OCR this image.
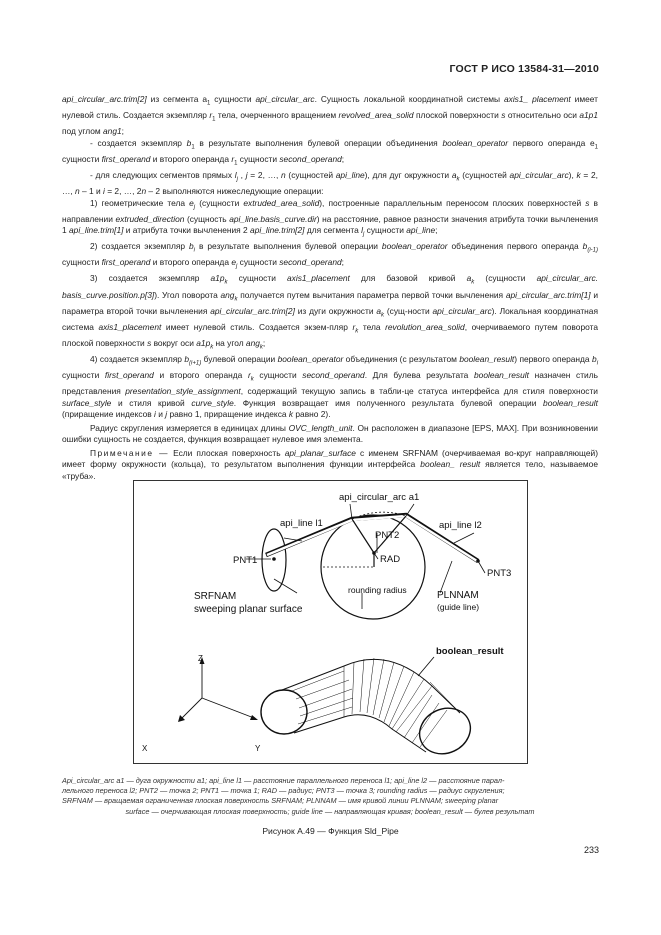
ГОСТ Р ИСО 13584-31—2010

api_circular_arc.trim[2] из сегмента $a_1$ сущности api_circular_arc. Сущность локальной координатной системы axis1_ placement имеет нулевой стиль. Создается экземпляр $r_1$ тела, очерченного вращением revolved_area_solid плоской поверхности s относительно оси a1p1 под углом ang1;

- создается экземпляр $b_1$ в результате выполнения булевой операции объединения boolean_operator первого операнда $e_1$ сущности first_operand и второго операнда $r_1$ сущности second_operand;

- для следующих сегментов прямых $l_j$ , j = 2, …, n (сущностей api_line), для дуг окружности $a_k$ (сущностей api_circular_arc), k = 2, …, n – 1 и i = 2, …, 2n – 2 выполняются нижеследующие операции:

1) геометрические тела $e_j$ (сущности extruded_area_solid), построенные параллельным переносом плоских поверхностей s в направлении extruded_direction (сущность api_line.basis_curve.dir) на расстояние, равное разности значения атрибута точки вычленения 1 api_line.trim[1] и атрибута точки вычленения 2 api_line.trim[2] для сегмента $l_j$ сущности api_line;

2) создается экземпляр $b_i$ в результате выполнения булевой операции boolean_operator объединения первого операнда $b_{(i-1)}$ сущности first_operand и второго операнда $e_j$ сущности second_operand;

3) создается экземпляр $a1p_k$ сущности axis1_placement для базовой кривой $a_k$ (сущности api_circular_arc. basis_curve.position.p[3]). Угол поворота ang$_k$ получается путем вычитания параметра первой точки вычленения api_circular_arc.trim[1] и параметра второй точки вычленения api_circular_arc.trim[2] из дуги окружности $a_k$ (сущ-ности api_circular_arc). Локальная координатная система axis1_placement имеет нулевой стиль. Создается экзем-пляр $r_k$ тела revolution_area_solid, очерчиваемого путем поворота плоской поверхности s вокруг оси $a1p_k$ на угол ang$_k$;

4) создается экземпляр $b_{(i+1)}$ булевой операции boolean_operator объединения (с результатом boolean_result) первого операнда $b_i$ сущности first_operand и второго операнда $r_k$ сущности second_operand. Для булева результата boolean_result назначен стиль представления presentation_style_assignment, содержащий текущую запись в табли-це статуса интерфейса для стиля поверхности surface_style и стиля кривой curve_style. Функция возвращает имя полученного результата булевой операции boolean_result (приращение индексов i и j равно 1, приращение индекса k равно 2).

Радиус скругления измеряется в единицах длины OVC_length_unit. Он расположен в диапазоне [EPS, MAX]. При возникновении ошибки сущность не создается, функция возвращает нулевое имя элемента.

Примечание — Если плоская поверхность api_planar_surface с именем SRFNAM (очерчиваемая во-круг направляющей) имеет форму окружности (кольца), то результатом выполнения функции интерфейса boolean_ result является тело, называемое «труба».

api_circular_arc a1
api_line l1	api_line l2
PNT1
PNT2
RAD
PNT3
rounding radius
SRFNAM
sweeping planar surface
PLNNAM
(guide line)
boolean_result
Z
X	Y
Api_circular_arc a1 — дуга окружности a1; api_line l1 — расстояние параллельного переноса l1; api_line l2 — расстояние парал-
лельного переноса l2; PNT2 — точка 2; PNT1 — точка 1; RAD — радиус; PNT3 — точка 3; rounding radius — радиус скругления;
SRFNAM — вращаемая ограниченная плоская поверхность SRFNAM; PLNNAM — имя кривой линии PLNNAM; sweeping planar
surface — очерчивающая плоская поверхность; guide line — направляющая кривая; boolean_result — булев результат
Рисунок А.49 — Функция Sld_Pipe
233
